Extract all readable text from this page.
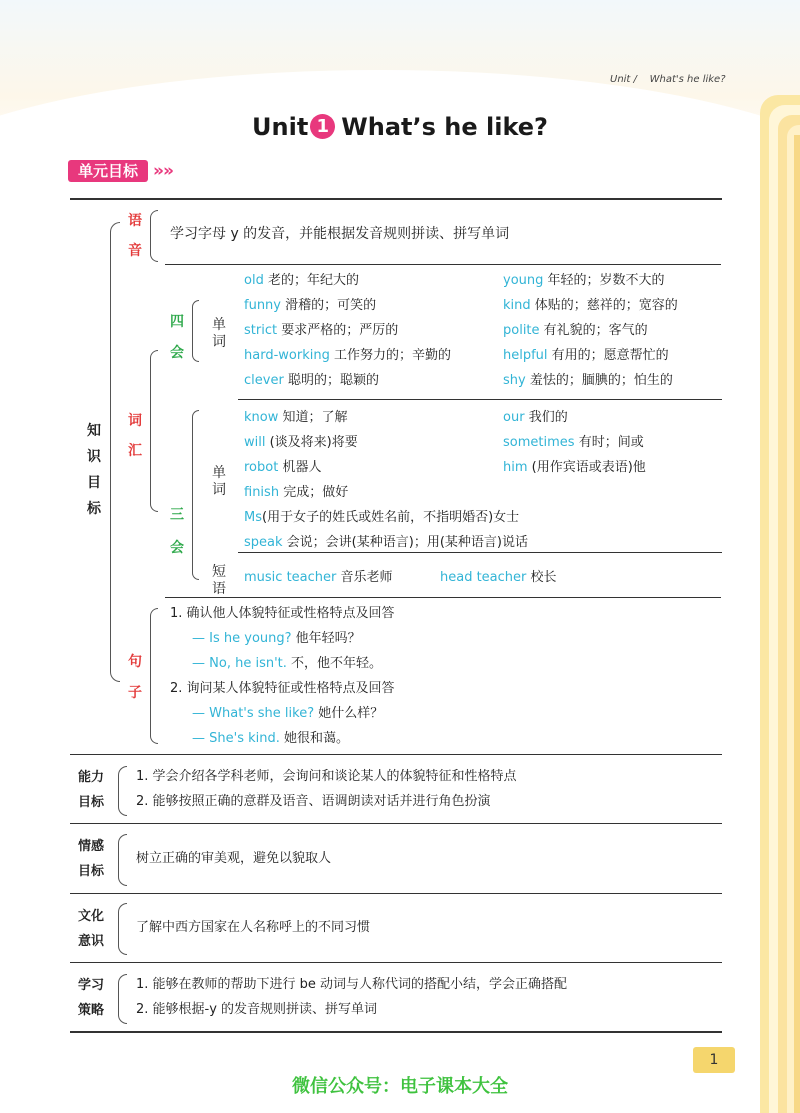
Unit /    What's he like?
Unit 1 What’s he like?
单元目标 » »
知
识
目
标
语
音
学习字母 y 的发音，并能根据发音规则拼读、拼写单词
词
汇
四
会
单
词
old 老的；年纪大的
funny 滑稽的；可笑的
strict 要求严格的；严厉的
hard-working 工作努力的；辛勤的
clever 聪明的；聪颖的
young 年轻的；岁数不大的
kind 体贴的；慈祥的；宽容的
polite 有礼貌的；客气的
helpful 有用的；愿意帮忙的
shy 羞怯的；腼腆的；怕生的
三
会
单
词
know 知道；了解
will (谈及将来)将要
robot 机器人
finish 完成；做好
Ms(用于女子的姓氏或姓名前，不指明婚否)女士
speak 会说；会讲(某种语言)；用(某种语言)说话
our 我们的
sometimes 有时；间或
him (用作宾语或表语)他
短
语
music teacher 音乐老师	head teacher 校长
句
子
1. 确认他人体貌特征或性格特点及回答
— Is he young? 他年轻吗？
— No, he isn't. 不，他不年轻。
2. 询问某人体貌特征或性格特点及回答
— What's she like? 她什么样？
— She's kind. 她很和蔼。
能力
目标
1. 学会介绍各学科老师，会询问和谈论某人的体貌特征和性格特点
2. 能够按照正确的意群及语音、语调朗读对话并进行角色扮演
情感
目标
树立正确的审美观，避免以貌取人
文化
意识
了解中西方国家在人名称呼上的不同习惯
学习
策略
1. 能够在教师的帮助下进行 be 动词与人称代词的搭配小结，学会正确搭配
2. 能够根据-y 的发音规则拼读、拼写单词
1
微信公众号：电子课本大全
